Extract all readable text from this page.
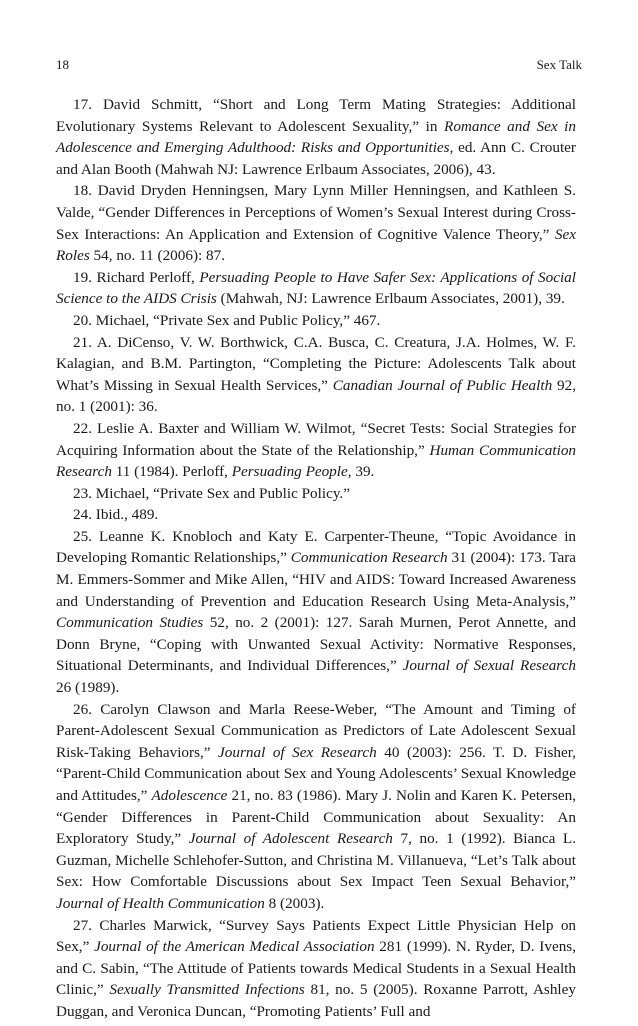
18	Sex Talk

17. David Schmitt, “Short and Long Term Mating Strategies: Additional Evolutionary Systems Relevant to Adolescent Sexuality,” in Romance and Sex in Adolescence and Emerging Adulthood: Risks and Opportunities, ed. Ann C. Crouter and Alan Booth (Mahwah NJ: Lawrence Erlbaum Associates, 2006), 43.

18. David Dryden Henningsen, Mary Lynn Miller Henningsen, and Kathleen S. Valde, “Gender Differences in Perceptions of Women’s Sexual Interest during Cross-Sex Interactions: An Application and Extension of Cognitive Valence Theory,” Sex Roles 54, no. 11 (2006): 87.

19. Richard Perloff, Persuading People to Have Safer Sex: Applications of Social Science to the AIDS Crisis (Mahwah, NJ: Lawrence Erlbaum Associates, 2001), 39.

20. Michael, “Private Sex and Public Policy,” 467.

21. A. DiCenso, V. W. Borthwick, C.A. Busca, C. Creatura, J.A. Holmes, W. F. Kalagian, and B.M. Partington, “Completing the Picture: Adolescents Talk about What’s Missing in Sexual Health Services,” Canadian Journal of Public Health 92, no. 1 (2001): 36.

22. Leslie A. Baxter and William W. Wilmot, “Secret Tests: Social Strategies for Acquiring Information about the State of the Relationship,” Human Communication Research 11 (1984). Perloff, Persuading People, 39.

23. Michael, “Private Sex and Public Policy.”

24. Ibid., 489.

25. Leanne K. Knobloch and Katy E. Carpenter-Theune, “Topic Avoidance in Developing Romantic Relationships,” Communication Research 31 (2004): 173. Tara M. Emmers-Sommer and Mike Allen, “HIV and AIDS: Toward Increased Awareness and Understanding of Prevention and Education Research Using Meta-Analysis,” Communication Studies 52, no. 2 (2001): 127. Sarah Murnen, Perot Annette, and Donn Bryne, “Coping with Unwanted Sexual Activity: Normative Responses, Situational Determinants, and Individual Differences,” Journal of Sexual Research 26 (1989).

26. Carolyn Clawson and Marla Reese-Weber, “The Amount and Timing of Parent-Adolescent Sexual Communication as Predictors of Late Adolescent Sexual Risk-Taking Behaviors,” Journal of Sex Research 40 (2003): 256. T. D. Fisher, “Parent-Child Communication about Sex and Young Adolescents’ Sexual Knowledge and Attitudes,” Adolescence 21, no. 83 (1986). Mary J. Nolin and Karen K. Petersen, “Gender Differences in Parent-Child Communication about Sexuality: An Exploratory Study,” Journal of Adolescent Research 7, no. 1 (1992). Bianca L. Guzman, Michelle Schlehofer-Sutton, and Christina M. Villanueva, “Let’s Talk about Sex: How Comfortable Discussions about Sex Impact Teen Sexual Behavior,” Journal of Health Communication 8 (2003).

27. Charles Marwick, “Survey Says Patients Expect Little Physician Help on Sex,” Journal of the American Medical Association 281 (1999). N. Ryder, D. Ivens, and C. Sabin, “The Attitude of Patients towards Medical Students in a Sexual Health Clinic,” Sexually Transmitted Infections 81, no. 5 (2005). Roxanne Parrott, Ashley Duggan, and Veronica Duncan, “Promoting Patients’ Full and
